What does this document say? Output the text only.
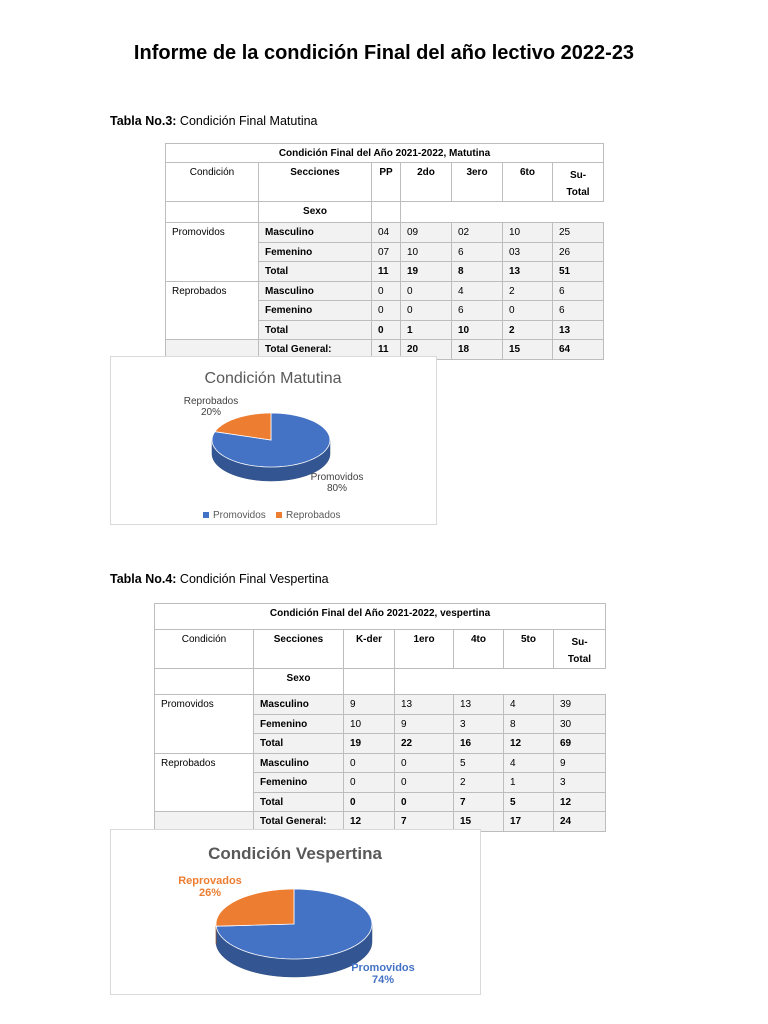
Informe de la condición Final del año lectivo 2022-23
Tabla No.3: Condición Final Matutina
Condición Final del Año 2021-2022, Matutina						
Condición	Secciones	PP	2do	3ero	6to	Su-
Total

	Sexo					
Promovidos	Masculino	04	09	02	10	25
	Femenino	07	10	6	03	26
	Total	11	19	8	13	51
Reprobados	Masculino	0	0	4	2	6
	Femenino	0	0	6	0	6
	Total	0	1	10	2	13
	Total General:	11	20	18	15	64
Condición Matutina
Promovidos
80%
Reprobados
20%
Promovidos Reprobados
Tabla No.4: Condición Final Vespertina
Condición Final del Año 2021-2022, vespertina						
Condición	Secciones	K-der	1ero	4to	5to	Su-
Total

	Sexo					
Promovidos	Masculino	9	13	13	4	39
	Femenino	10	9	3	8	30
	Total	19	22	16	12	69
Reprobados	Masculino	0	0	5	4	9
	Femenino	0	0	2	1	3
	Total	0	0	7	5	12
	Total General:	12	7	15	17	24
Condición Vespertina
Promovidos
74%
Reprovados
26%
